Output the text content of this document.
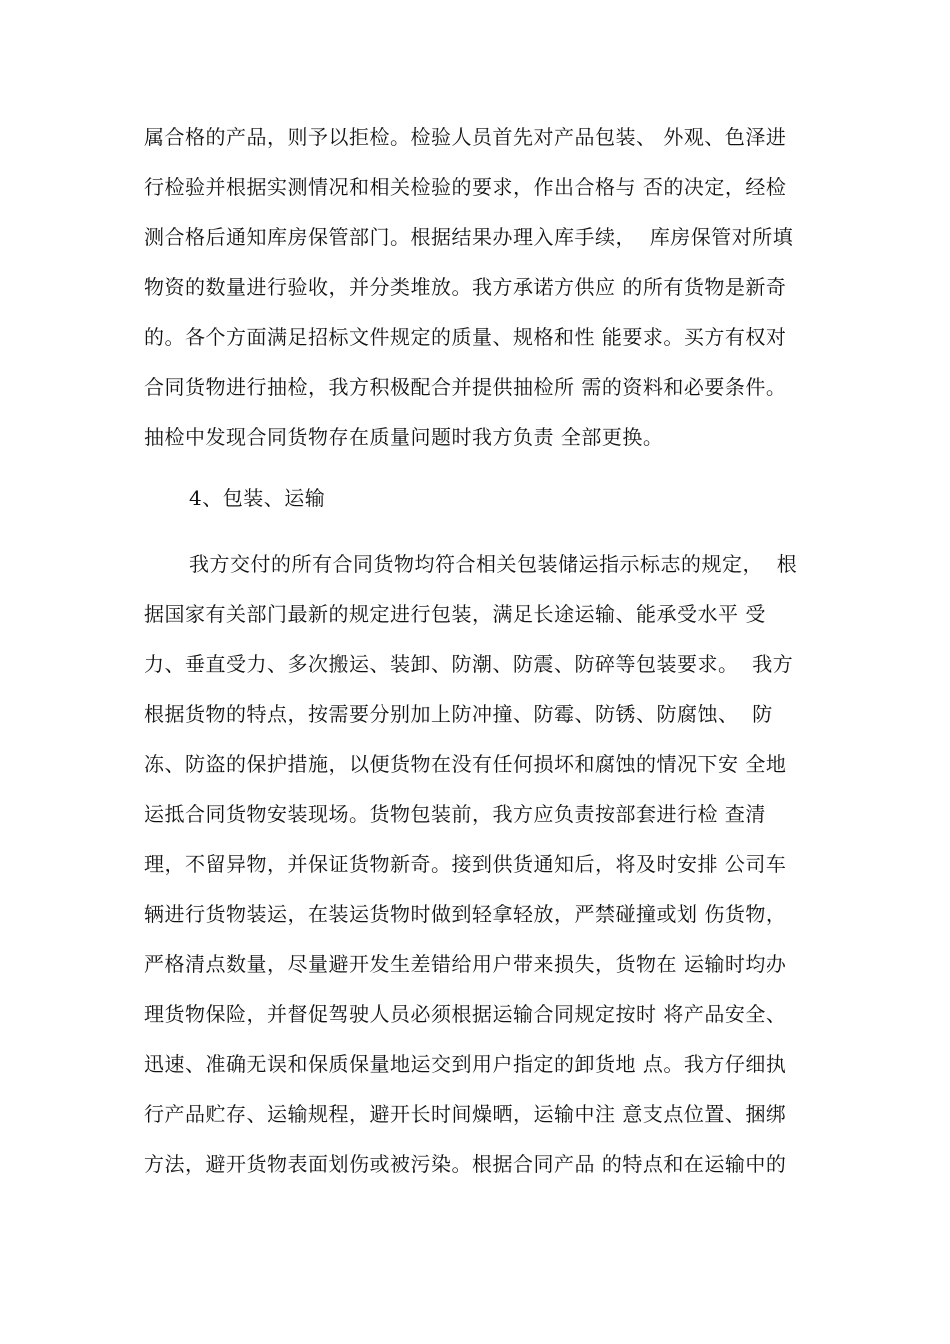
属合格的产品，则予以拒检。检验人员首先对产品包装、 外观、色泽进
行检验并根据实测情况和相关检验的要求，作出合格与 否的决定，经检
测合格后通知库房保管部门。根据结果办理入库手续，  库房保管对所填
物资的数量进行验收，并分类堆放。我方承诺方供应 的所有货物是新奇
的。各个方面满足招标文件规定的质量、规格和性 能要求。买方有权对
合同货物进行抽检，我方积极配合并提供抽检所 需的资料和必要条件。
抽检中发现合同货物存在质量问题时我方负责 全部更换。
4、包装、运输
我方交付的所有合同货物均符合相关包装储运指示标志的规定，  根
据国家有关部门最新的规定进行包装，满足长途运输、能承受水平 受
力、垂直受力、多次搬运、装卸、防潮、防震、防碎等包装要求。  我方
根据货物的特点，按需要分别加上防冲撞、防霉、防锈、防腐蚀、  防
冻、防盗的保护措施，以便货物在没有任何损坏和腐蚀的情况下安 全地
运抵合同货物安装现场。货物包装前，我方应负责按部套进行检 查清
理，不留异物，并保证货物新奇。接到供货通知后，将及时安排 公司车
辆进行货物装运，在装运货物时做到轻拿轻放，严禁碰撞或划 伤货物，
严格清点数量，尽量避开发生差错给用户带来损失，货物在 运输时均办
理货物保险，并督促驾驶人员必须根据运输合同规定按时 将产品安全、
迅速、准确无误和保质保量地运交到用户指定的卸货地 点。我方仔细执
行产品贮存、运输规程，避开长时间燥晒，运输中注 意支点位置、捆绑
方法，避开货物表面划伤或被污染。根据合同产品 的特点和在运输中的
